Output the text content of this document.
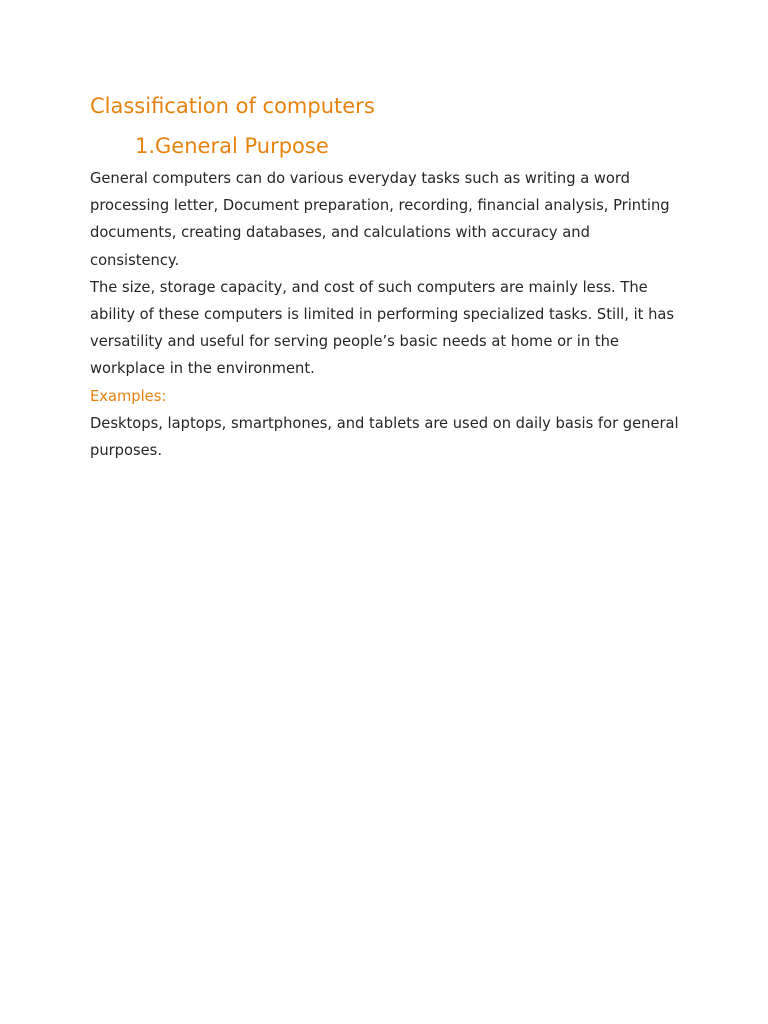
Classification of computers
1.General Purpose

General computers can do various everyday tasks such as writing a word processing letter, Document preparation, recording, financial analysis, Printing documents, creating databases, and calculations with accuracy and consistency.

The size, storage capacity, and cost of such computers are mainly less. The ability of these computers is limited in performing specialized tasks. Still, it has versatility and useful for serving people’s basic needs at home or in the workplace in the environment.

Examples:

Desktops, laptops, smartphones, and tablets are used on daily basis for general purposes.
